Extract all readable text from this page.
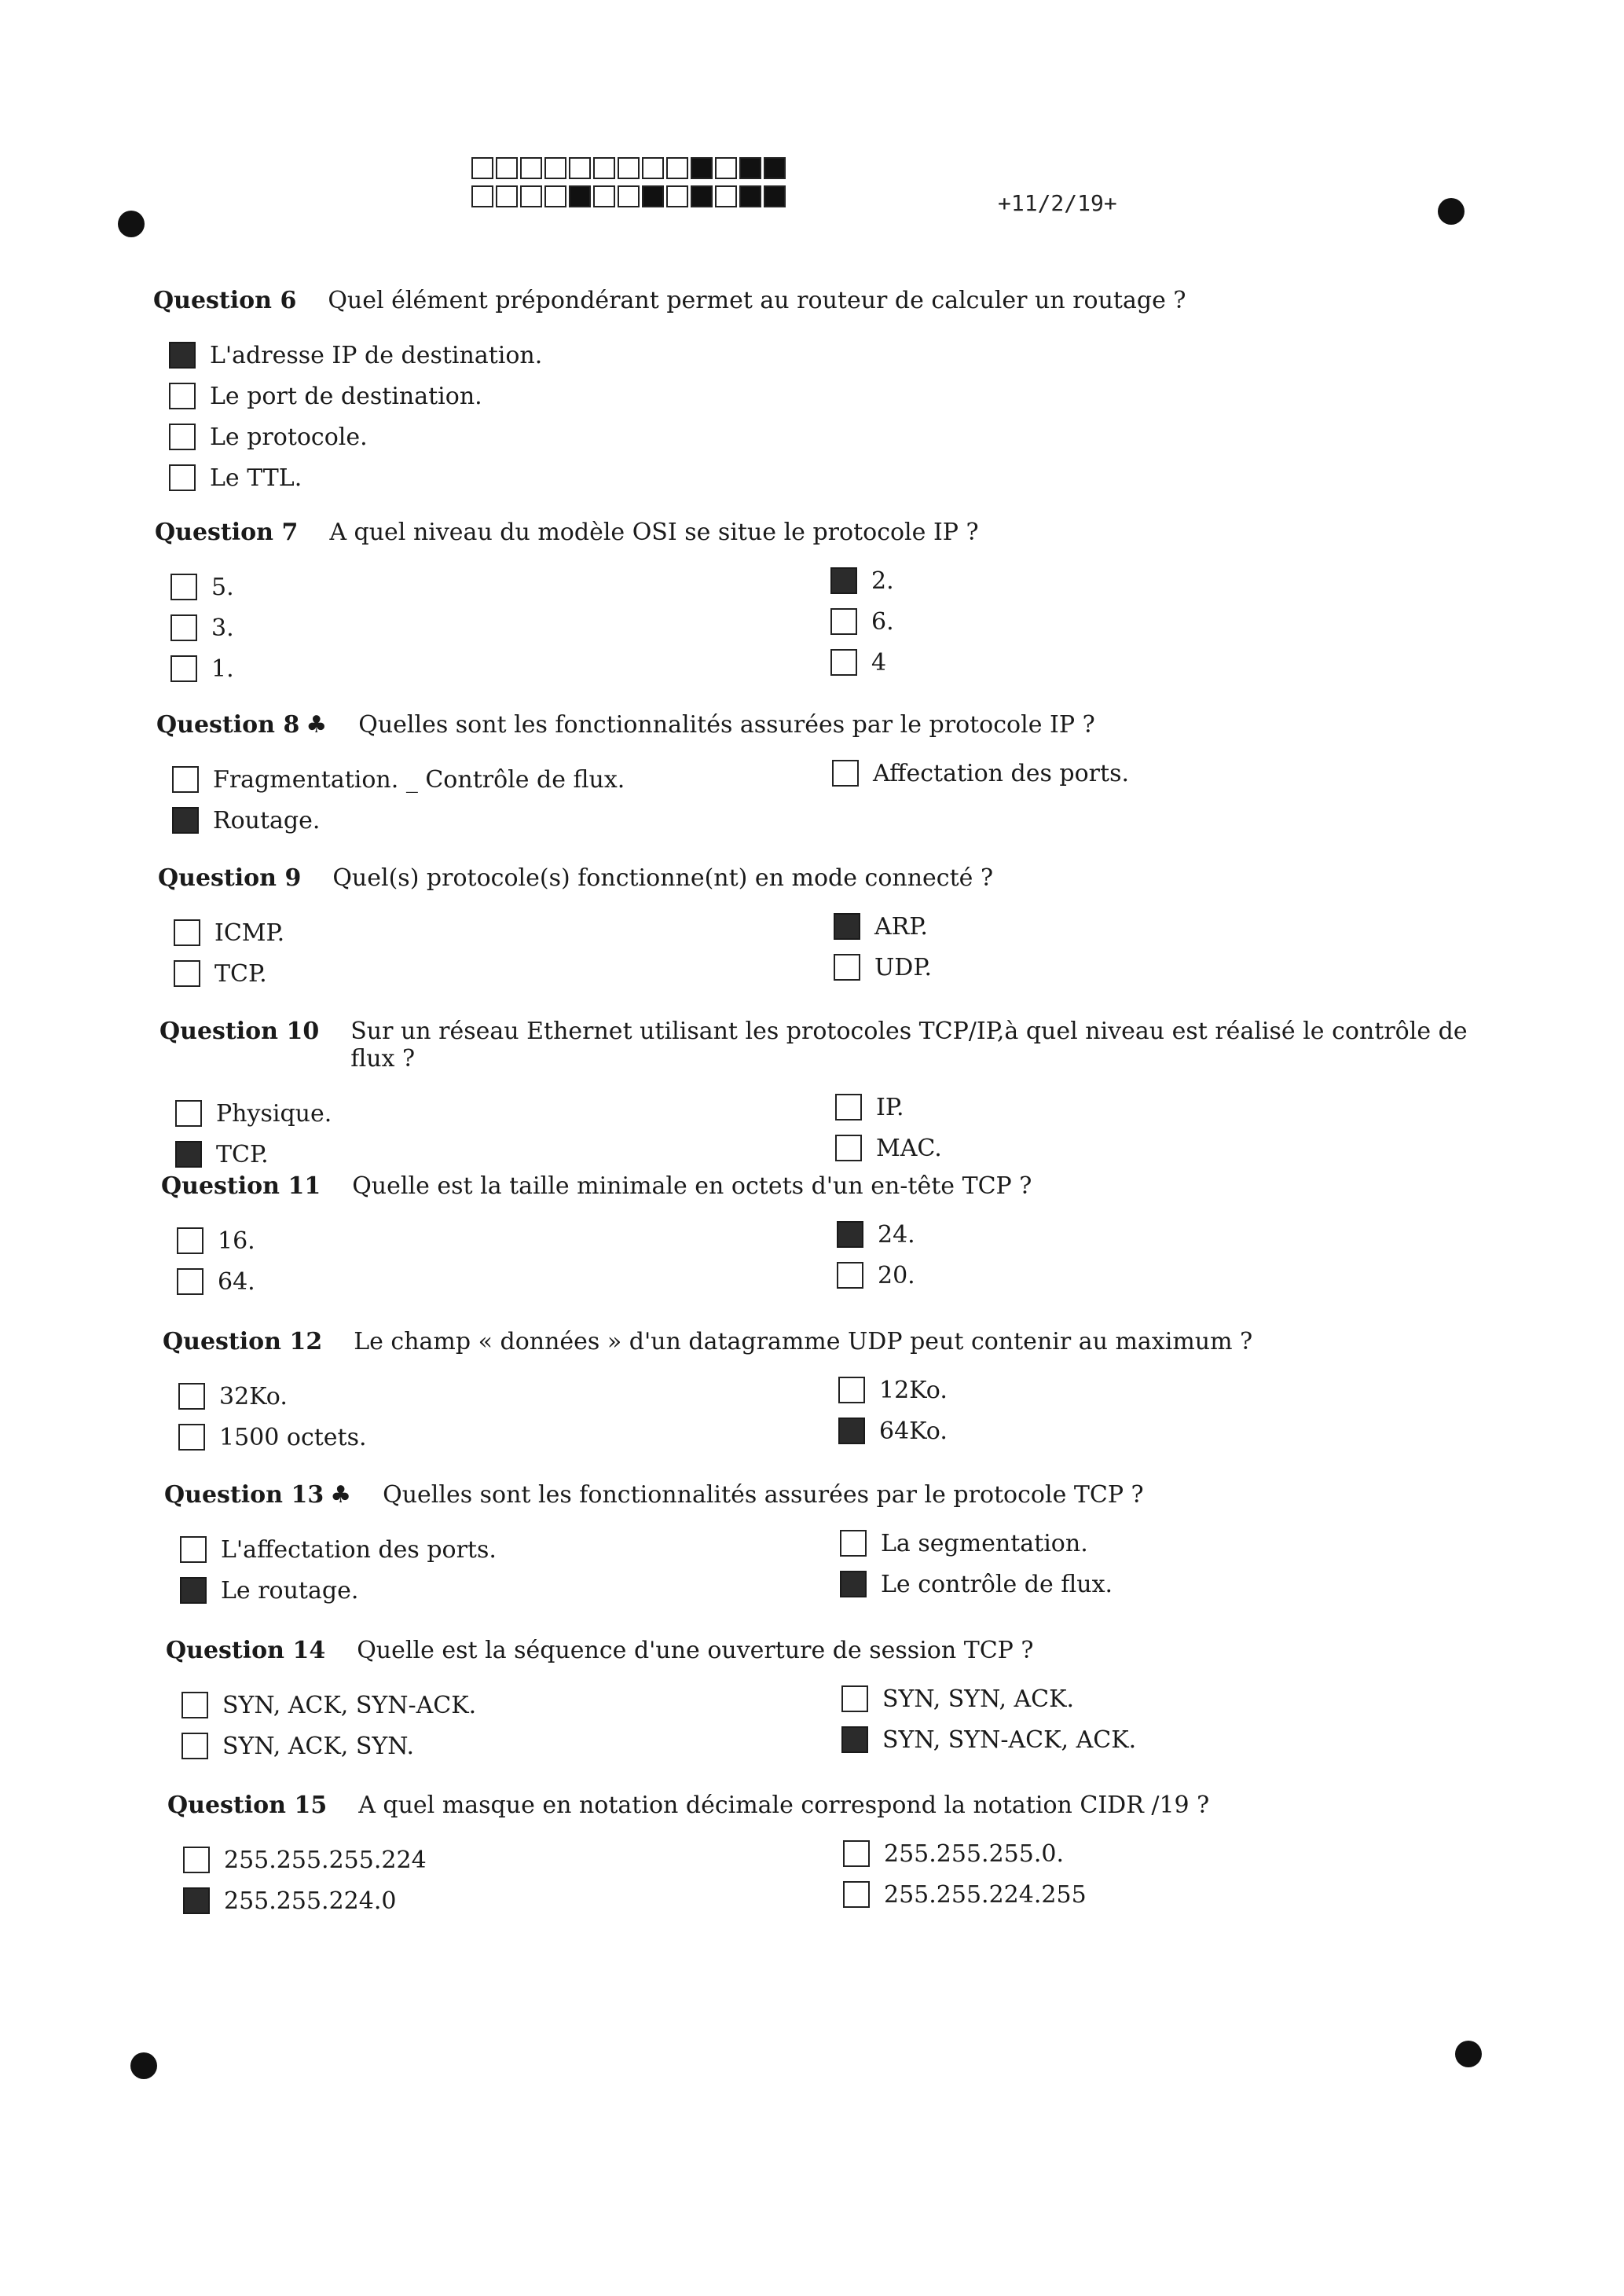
+11/2/19+
Question 6 Quel élément prépondérant permet au routeur de calculer un routage ?
L'adresse IP de destination.
Le port de destination.
Le protocole.
Le TTL.
Question 7 A quel niveau du modèle OSI se situe le protocole IP ?
5.
3.
1.
2.
6.
4
Question 8 ♣ Quelles sont les fonctionnalités assurées par le protocole IP ?
Fragmentation. _ Contrôle de flux.
Routage.
Affectation des ports.
Question 9 Quel(s) protocole(s) fonctionne(nt) en mode connecté ?
ICMP.
TCP.
ARP.
UDP.
Question 10 Sur un réseau Ethernet utilisant les protocoles TCP/IP,à quel niveau est réalisé le contrôle de flux ?
Physique.
TCP.
IP.
MAC.
Question 11 Quelle est la taille minimale en octets d'un en-tête TCP ?
16.
64.
24.
20.
Question 12 Le champ « données » d'un datagramme UDP peut contenir au maximum ?
32Ko.
1500 octets.
12Ko.
64Ko.
Question 13 ♣ Quelles sont les fonctionnalités assurées par le protocole TCP ?
L'affectation des ports.
Le routage.
La segmentation.
Le contrôle de flux.
Question 14 Quelle est la séquence d'une ouverture de session TCP ?
SYN, ACK, SYN-ACK.
SYN, ACK, SYN.
SYN, SYN, ACK.
SYN, SYN-ACK, ACK.
Question 15 A quel masque en notation décimale correspond la notation CIDR /19 ?
255.255.255.224
255.255.224.0
255.255.255.0.
255.255.224.255
